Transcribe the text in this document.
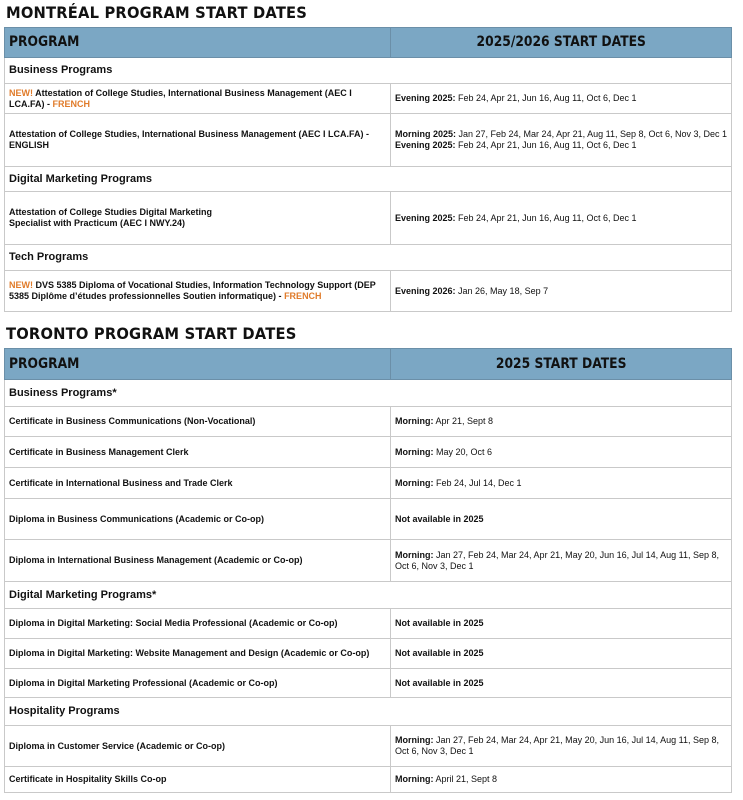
MONTRÉAL PROGRAM START DATES
PROGRAM	2025/2026 START DATES
Business Programs	
NEW! Attestation of College Studies, International Business Management (AEC I LCA.FA) - FRENCH	Evening 2025: Feb 24, Apr 21, Jun 16, Aug 11, Oct 6, Dec 1
Attestation of College Studies, International Business Management (AEC I LCA.FA) - ENGLISH	Morning 2025: Jan 27, Feb 24, Mar 24, Apr 21, Aug 11, Sep 8, Oct 6, Nov 3, Dec 1
Evening 2025: Feb 24, Apr 21, Jun 16, Aug 11, Oct 6, Dec 1
Digital Marketing Programs	

Attestation of College Studies Digital Marketing Specialist with Practicum (AEC I NWY.24)	Evening 2025: Feb 24, Apr 21, Jun 16, Aug 11, Oct 6, Dec 1
Tech Programs	
NEW! DVS 5385 Diploma of Vocational Studies, Information Technology Support (DEP 5385 Diplôme d’études professionnelles Soutien informatique) - FRENCH	Evening 2026: Jan 26, May 18, Sep 7
TORONTO PROGRAM START DATES
PROGRAM	2025 START DATES
Business Programs*	
Certificate in Business Communications (Non-Vocational)	Morning: Apr 21, Sept 8
Certificate in Business Management Clerk	Morning: May 20, Oct 6
Certificate in International Business and Trade Clerk	Morning: Feb 24, Jul 14, Dec 1
Diploma in Business Communications (Academic or Co-op)	Not available in 2025
Diploma in International Business Management (Academic or Co-op)	Morning: Jan 27, Feb 24, Mar 24, Apr 21, May 20, Jun 16, Jul 14, Aug 11, Sep 8, Oct 6, Nov 3, Dec 1
Digital Marketing Programs*	
Diploma in Digital Marketing: Social Media Professional (Academic or Co-op)	Not available in 2025
Diploma in Digital Marketing: Website Management and Design (Academic or Co-op)	Not available in 2025
Diploma in Digital Marketing Professional (Academic or Co-op)	Not available in 2025
Hospitality Programs	
Diploma in Customer Service (Academic or Co-op)	Morning: Jan 27, Feb 24, Mar 24, Apr 21, May 20, Jun 16, Jul 14, Aug 11, Sep 8, Oct 6, Nov 3, Dec 1
Certificate in Hospitality Skills Co-op	Morning: April 21, Sept 8
